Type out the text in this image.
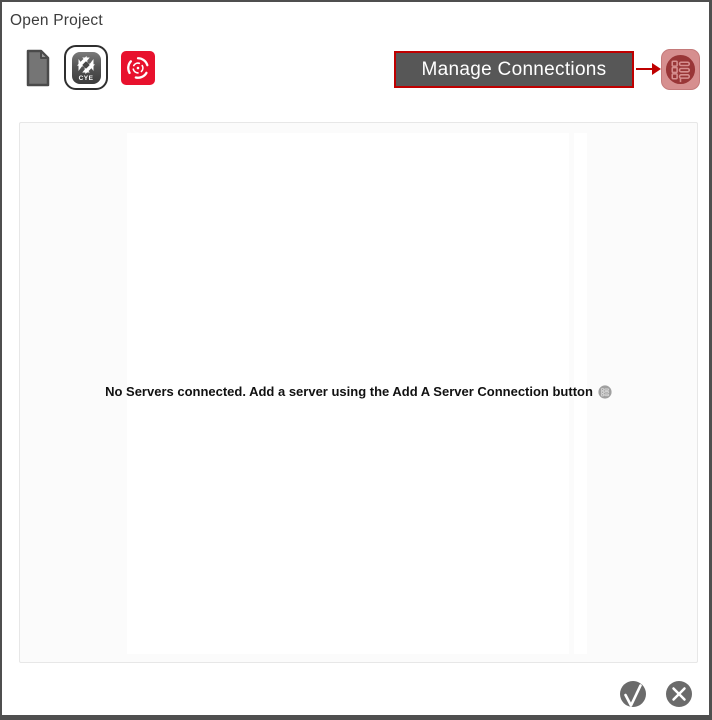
Open Project
CYE	Manage Connections
No Servers connected. Add a server using the Add A Server Connection button
